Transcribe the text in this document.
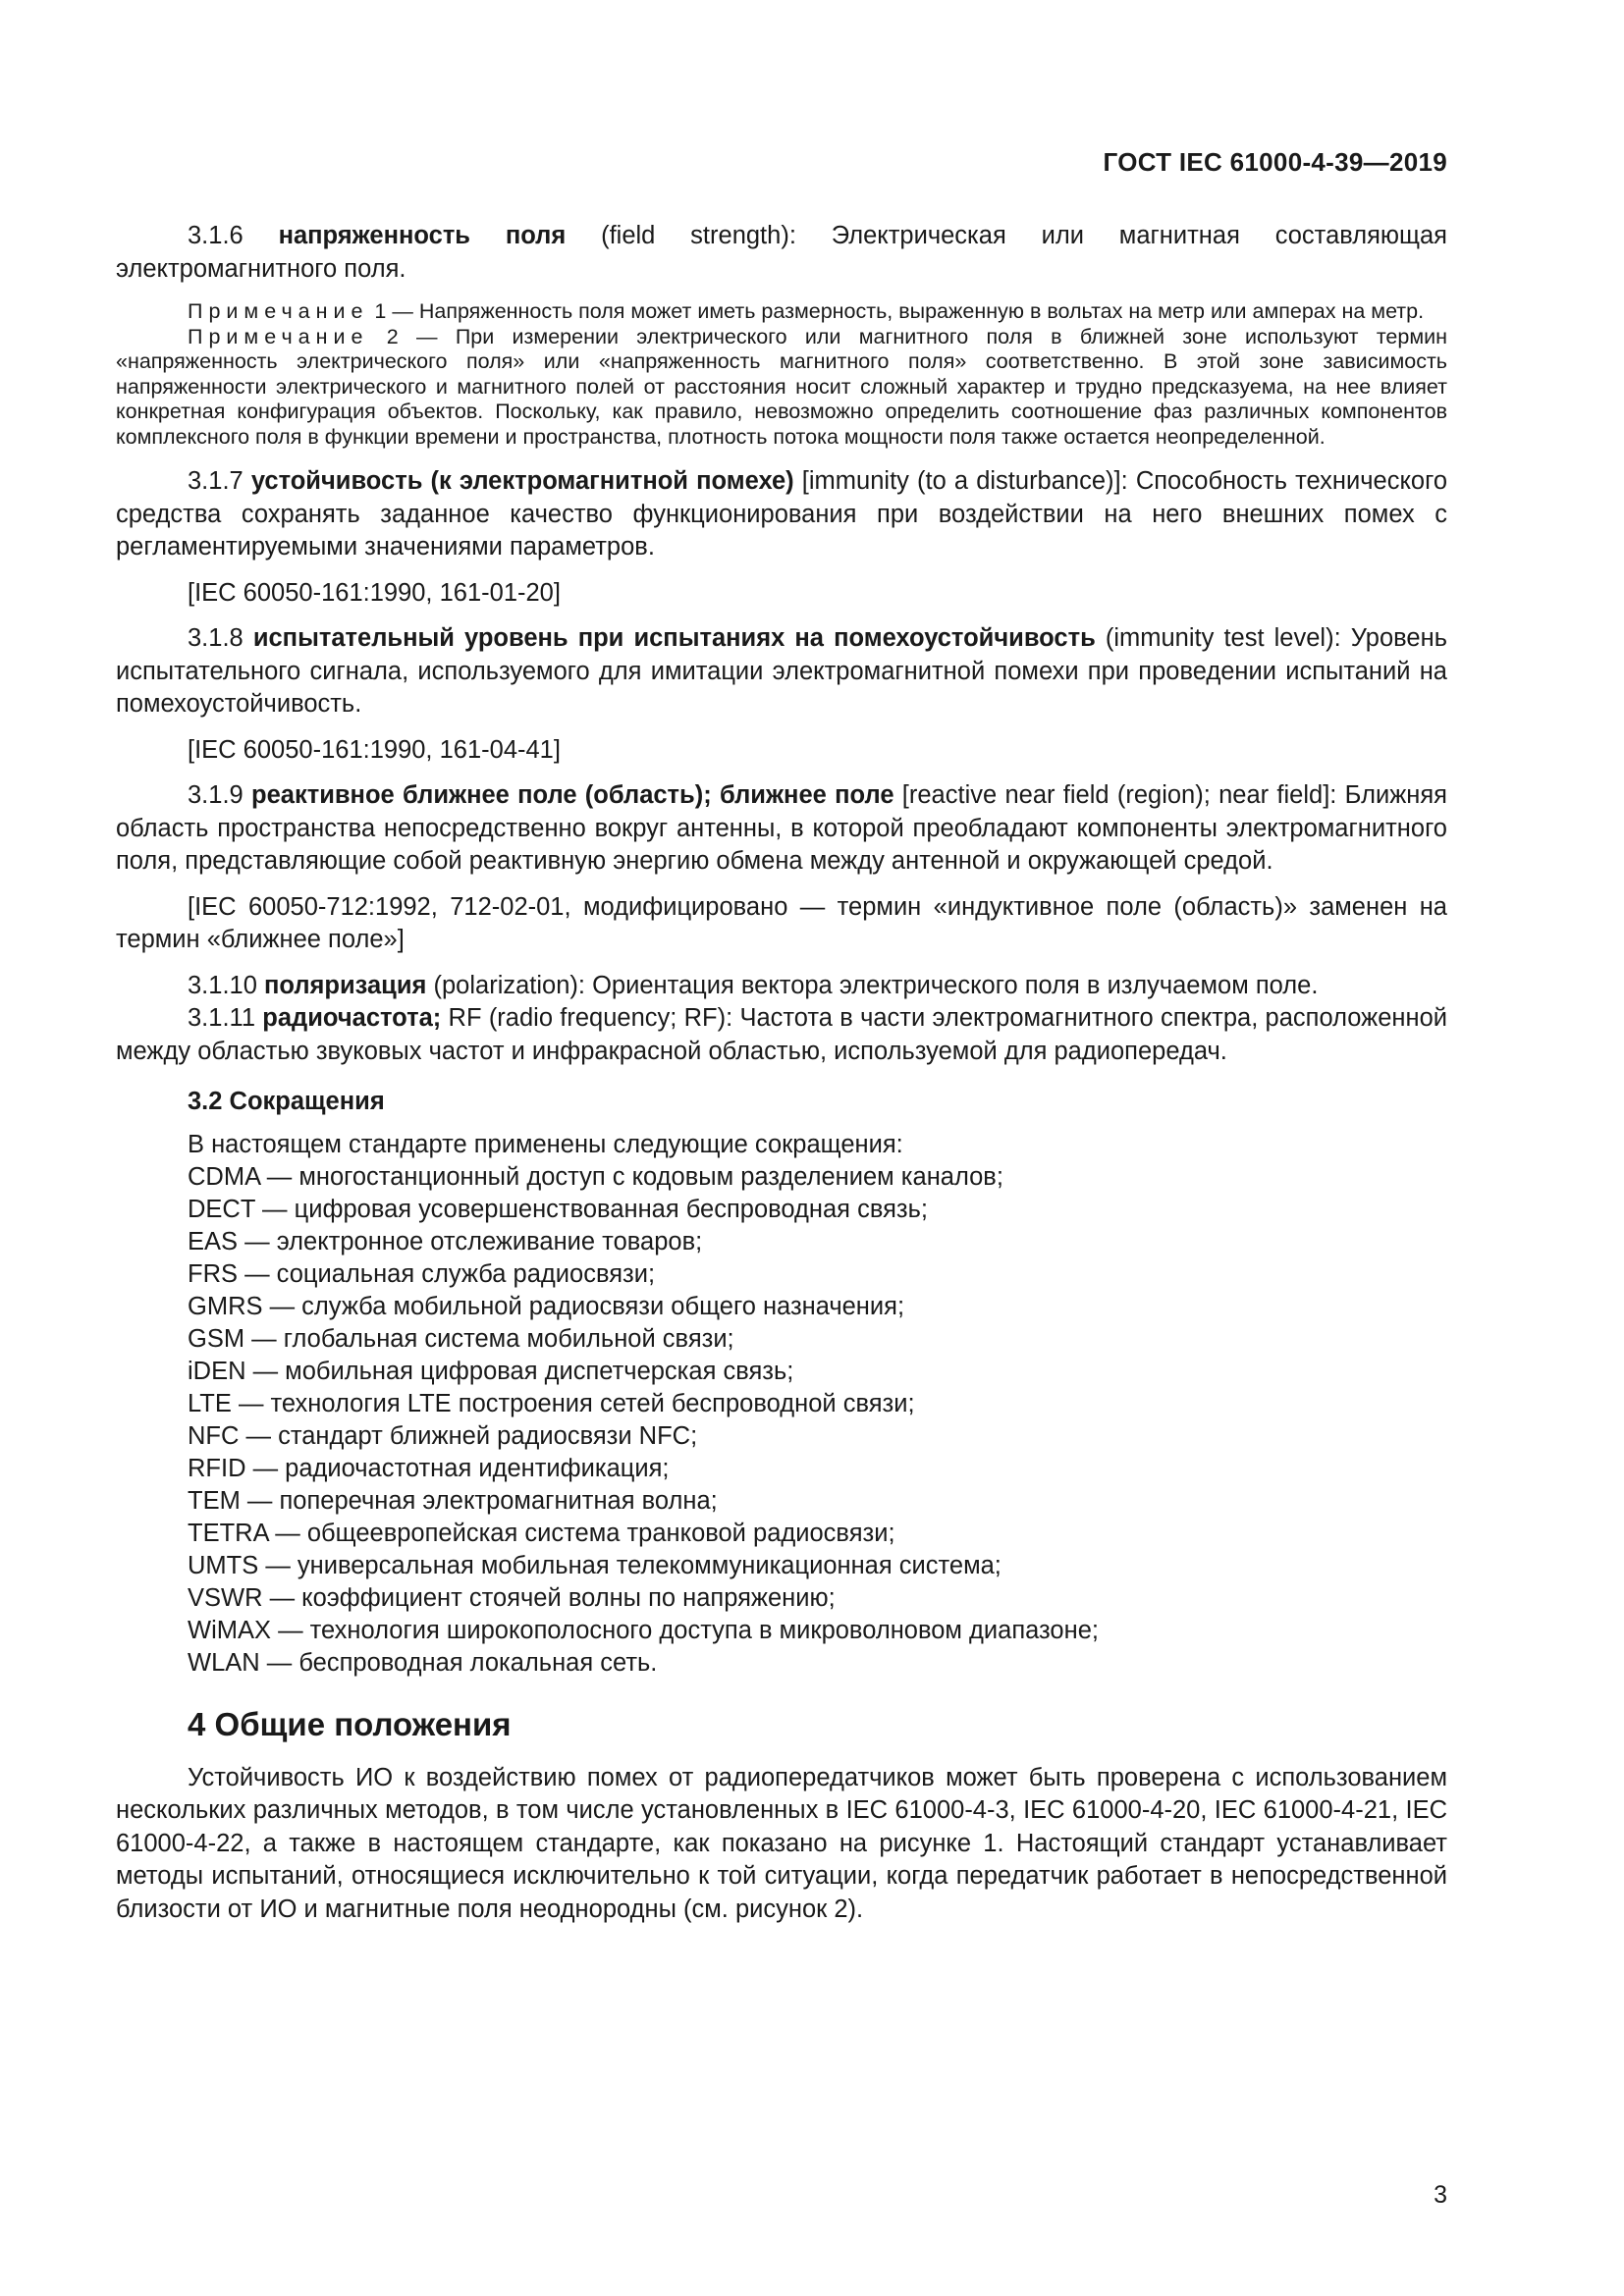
ГОСТ IEC 61000-4-39—2019

3.1.6 напряженность поля (field strength): Электрическая или магнитная составляющая электромагнитного поля.

Примечание 1 — Напряженность поля может иметь размерность, выраженную в вольтах на метр или амперах на метр.

Примечание 2 — При измерении электрического или магнитного поля в ближней зоне используют термин «напряженность электрического поля» или «напряженность магнитного поля» соответственно. В этой зоне зависимость напряженности электрического и магнитного полей от расстояния носит сложный характер и трудно предсказуема, на нее влияет конкретная конфигурация объектов. Поскольку, как правило, невозможно определить соотношение фаз различных компонентов комплексного поля в функции времени и пространства, плотность потока мощности поля также остается неопределенной.

3.1.7 устойчивость (к электромагнитной помехе) [immunity (to a disturbance)]: Способность технического средства сохранять заданное качество функционирования при воздействии на него внешних помех с регламентируемыми значениями параметров.

[IEC 60050-161:1990, 161-01-20]

3.1.8 испытательный уровень при испытаниях на помехоустойчивость (immunity test level): Уровень испытательного сигнала, используемого для имитации электромагнитной помехи при проведении испытаний на помехоустойчивость.

[IEC 60050-161:1990, 161-04-41]

3.1.9 реактивное ближнее поле (область); ближнее поле [reactive near field (region); near field]: Ближняя область пространства непосредственно вокруг антенны, в которой преобладают компоненты электромагнитного поля, представляющие собой реактивную энергию обмена между антенной и окружающей средой.

[IEC 60050-712:1992, 712-02-01, модифицировано — термин «индуктивное поле (область)» заменен на термин «ближнее поле»]

3.1.10 поляризация (polarization): Ориентация вектора электрического поля в излучаемом поле.

3.1.11 радиочастота; RF (radio frequency; RF): Частота в части электромагнитного спектра, расположенной между областью звуковых частот и инфракрасной областью, используемой для радиопередач.

3.2 Сокращения

В настоящем стандарте применены следующие сокращения:

CDMA — многостанционный доступ с кодовым разделением каналов;

DECT — цифровая усовершенствованная беспроводная связь;

EAS — электронное отслеживание товаров;

FRS — социальная служба радиосвязи;

GMRS — служба мобильной радиосвязи общего назначения;

GSM — глобальная система мобильной связи;

iDEN — мобильная цифровая диспетчерская связь;

LTE — технология LTE построения сетей беспроводной связи;

NFC — стандарт ближней радиосвязи NFC;

RFID — радиочастотная идентификация;

TEM — поперечная электромагнитная волна;

TETRA — общеевропейская система транковой радиосвязи;

UMTS — универсальная мобильная телекоммуникационная система;

VSWR — коэффициент стоячей волны по напряжению;

WiMAX — технология широкополосного доступа в микроволновом диапазоне;

WLAN — беспроводная локальная сеть.

4 Общие положения

Устойчивость ИО к воздействию помех от радиопередатчиков может быть проверена с использованием нескольких различных методов, в том числе установленных в IEC 61000-4-3, IEC 61000-4-20, IEC 61000-4-21, IEC 61000-4-22, а также в настоящем стандарте, как показано на рисунке 1. Настоящий стандарт устанавливает методы испытаний, относящиеся исключительно к той ситуации, когда передатчик работает в непосредственной близости от ИО и магнитные поля неоднородны (см. рисунок 2).

3
